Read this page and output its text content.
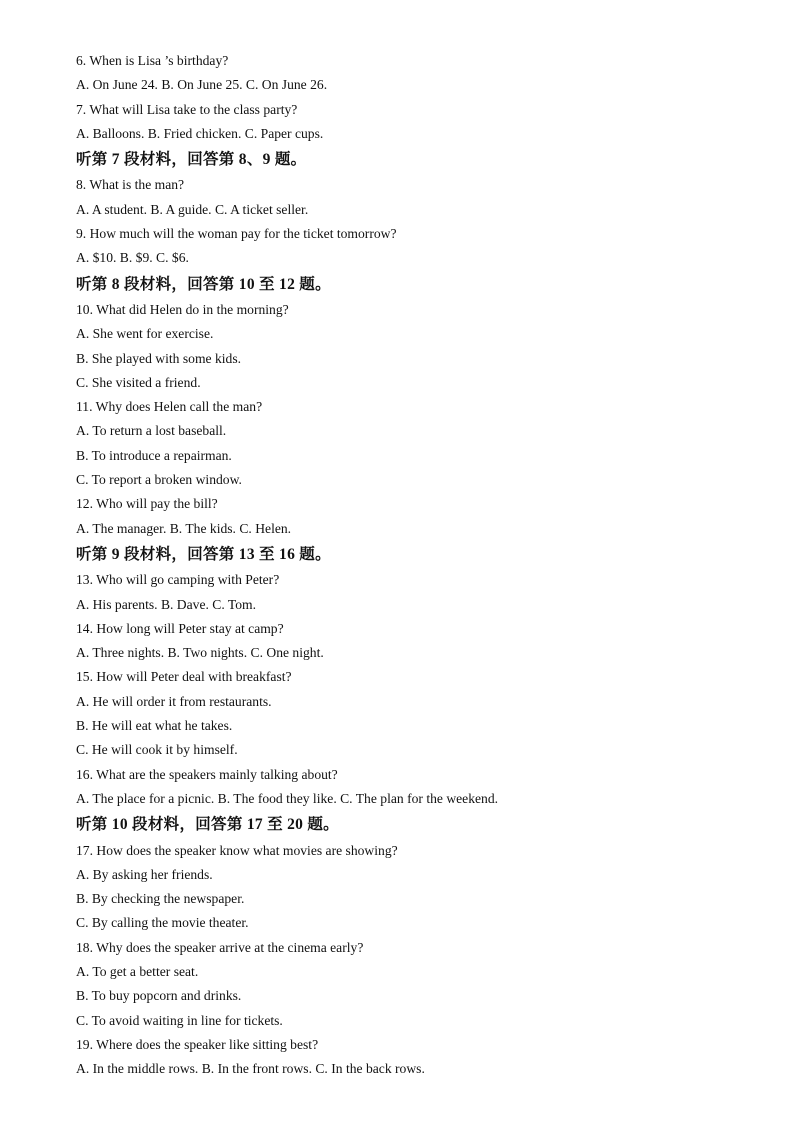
6. When is Lisa ’s birthday?
A. On June 24. B. On June 25. C. On June 26.
7. What will Lisa take to the class party?
A. Balloons. B. Fried chicken. C. Paper cups.
听第 7 段材料，回答第 8、9 题。
8. What is the man?
A. A student. B. A guide. C. A ticket seller.
9. How much will the woman pay for the ticket tomorrow?
A. $10. B. $9. C. $6.
听第 8 段材料，回答第 10 至 12 题。
10. What did Helen do in the morning?
A. She went for exercise.
B. She played with some kids.
C. She visited a friend.
11. Why does Helen call the man?
A. To return a lost baseball.
B. To introduce a repairman.
C. To report a broken window.
12. Who will pay the bill?
A. The manager. B. The kids. C. Helen.
听第 9 段材料，回答第 13 至 16 题。
13. Who will go camping with Peter?
A. His parents. B. Dave. C. Tom.
14. How long will Peter stay at camp?
A. Three nights. B. Two nights. C. One night.
15. How will Peter deal with breakfast?
A. He will order it from restaurants.
B. He will eat what he takes.
C. He will cook it by himself.
16. What are the speakers mainly talking about?
A. The place for a picnic. B. The food they like. C. The plan for the weekend.
听第 10 段材料，回答第 17 至 20 题。
17. How does the speaker know what movies are showing?
A. By asking her friends.
B. By checking the newspaper.
C. By calling the movie theater.
18. Why does the speaker arrive at the cinema early?
A. To get a better seat.
B. To buy popcorn and drinks.
C. To avoid waiting in line for tickets.
19. Where does the speaker like sitting best?
A. In the middle rows. B. In the front rows. C. In the back rows.
